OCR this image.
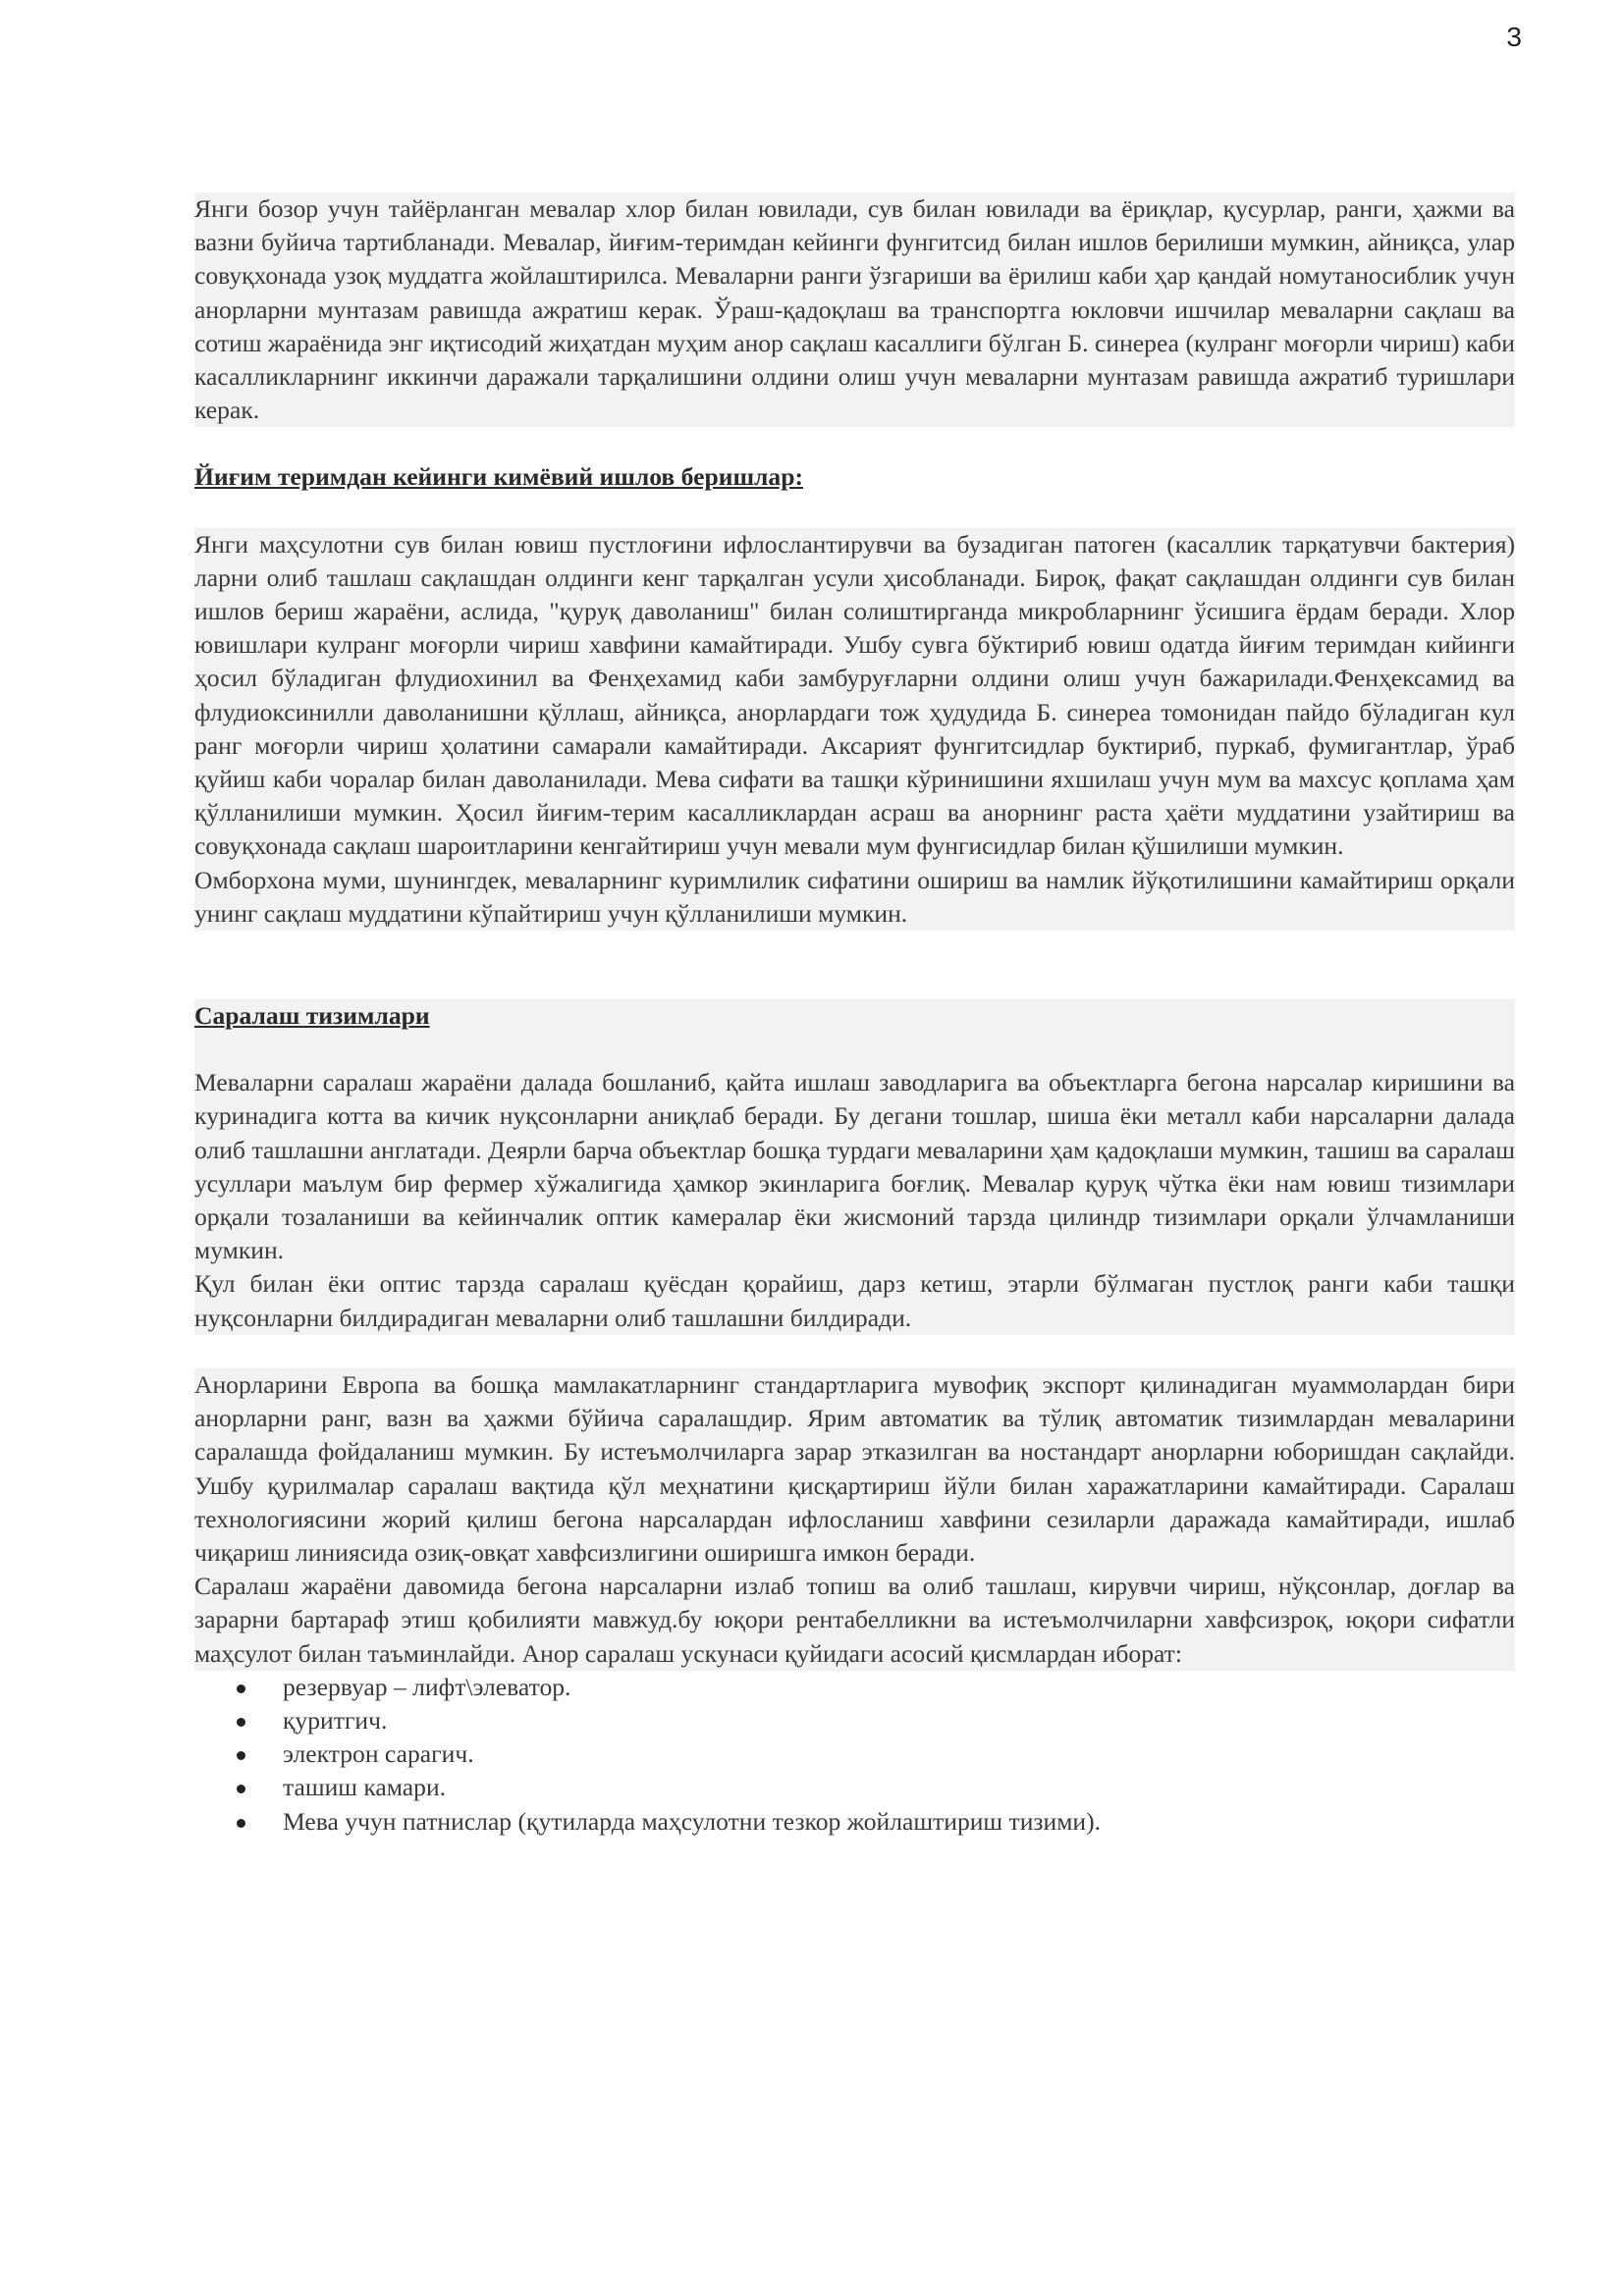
3

Янги бозор учун тайёрланган мевалар хлор билан ювилади, сув билан ювилади ва ёриқлар, қусурлар, ранги, ҳажми ва вазни буйича тартибланади. Мевалар, йиғим-теримдан кейинги фунгитсид билан ишлов берилиши мумкин, айниқса, улар совуқхонада узоқ муддатга жойлаштирилса. Меваларни ранги ўзгариши ва ёрилиш каби ҳар қандай номутаносиблик учун анорларни мунтазам равишда ажратиш керак. Ўраш-қадоқлаш ва транспортга юкловчи ишчилар меваларни сақлаш ва сотиш жараёнида энг иқтисодий жиҳатдан муҳим анор сақлаш касаллиги бўлган Б. синереа (кулранг моғорли чириш) каби касалликларнинг иккинчи даражали тарқалишини олдини олиш учун меваларни мунтазам равишда ажратиб туришлари керак.

Йиғим теримдан кейинги кимёвий ишлов беришлар:

Янги маҳсулотни сув билан ювиш пустлоғини ифлослантирувчи ва бузадиган патоген (касаллик тарқатувчи бактерия) ларни олиб ташлаш сақлашдан олдинги кенг тарқалган усули ҳисобланади. Бироқ, фақат сақлашдан олдинги сув билан ишлов бериш жараёни, аслида, "қуруқ даволаниш" билан солиштирганда микробларнинг ўсишига ёрдам беради. Хлор ювишлари кулранг моғорли чириш хавфини камайтиради. Ушбу сувга бўктириб ювиш одатда йиғим теримдан кийинги ҳосил бўладиган флудиохинил ва Фенҳехамид каби замбуруғларни олдини олиш учун бажарилади.Фенҳексамид ва флудиоксинилли даволанишни қўллаш, айниқса, анорлардаги тож ҳудудида Б. синереа томонидан пайдо бўладиган кул ранг моғорли чириш ҳолатини самарали камайтиради. Аксарият фунгитсидлар буктириб, пуркаб, фумигантлар, ўраб қуйиш каби чоралар билан даволанилади. Мева сифати ва ташқи кўринишини яхшилаш учун мум ва махсус қоплама ҳам қўлланилиши мумкин. Ҳосил йиғим-терим касалликлардан асраш ва анорнинг раста ҳаёти муддатини узайтириш ва совуқхонада сақлаш шароитларини кенгайтириш учун мевали мум фунгисидлар билан қўшилиши мумкин.

Омборхона муми, шунингдек, меваларнинг куримлилик сифатини ошириш ва намлик йўқотилишини камайтириш орқали унинг сақлаш муддатини кўпайтириш учун қўлланилиши мумкин.

Саралаш тизимлари

Меваларни саралаш жараёни далада бошланиб, қайта ишлаш заводларига ва объектларга бегона нарсалар киришини ва куринадига котта ва кичик нуқсонларни аниқлаб беради. Бу дегани тошлар, шиша ёки металл каби нарсаларни далада олиб ташлашни англатади. Деярли барча объектлар бошқа турдаги меваларини ҳам қадоқлаши мумкин, ташиш ва саралаш усуллари маълум бир фермер хўжалигида ҳамкор экинларига боғлиқ. Мевалар қуруқ чўтка ёки нам ювиш тизимлари орқали тозаланиши ва кейинчалик оптик камералар ёки жисмоний тарзда цилиндр тизимлари орқали ўлчамланиши мумкин.

Қул билан ёки оптис тарзда саралаш қуёсдан қорайиш, дарз кетиш, этарли бўлмаган пустлоқ ранги каби ташқи нуқсонларни билдирадиган меваларни олиб ташлашни билдиради.

Анорларини Европа ва бошқа мамлакатларнинг стандартларига мувофиқ экспорт қилинадиган муаммолардан бири анорларни ранг, вазн ва ҳажми бўйича саралашдир. Ярим автоматик ва тўлиқ автоматик тизимлардан меваларини саралашда фойдаланиш мумкин. Бу истеъмолчиларга зарар этказилган ва ностандарт анорларни юборишдан сақлайди. Ушбу қурилмалар саралаш вақтида қўл меҳнатини қисқартириш йўли билан харажатларини камайтиради. Саралаш технологиясини жорий қилиш бегона нарсалардан ифлосланиш хавфини сезиларли даражада камайтиради, ишлаб чиқариш линиясида озиқ-овқат хавфсизлигини оширишга имкон беради.

Саралаш жараёни давомида бегона нарсаларни излаб топиш ва олиб ташлаш, кирувчи чириш, нўқсонлар, доғлар ва зарарни бартараф этиш қобилияти мавжуд.бу юқори рентабелликни ва истеъмолчиларни хавфсизроқ, юқори сифатли маҳсулот билан таъминлайди. Анор саралаш ускунаси қуйидаги асосий қисмлардан иборат:

резервуар – лифт\элеватор.
қуритгич.
электрон сарагич.
ташиш камари.
Мева учун патнислар (қутиларда маҳсулотни тезкор жойлаштириш тизими).
